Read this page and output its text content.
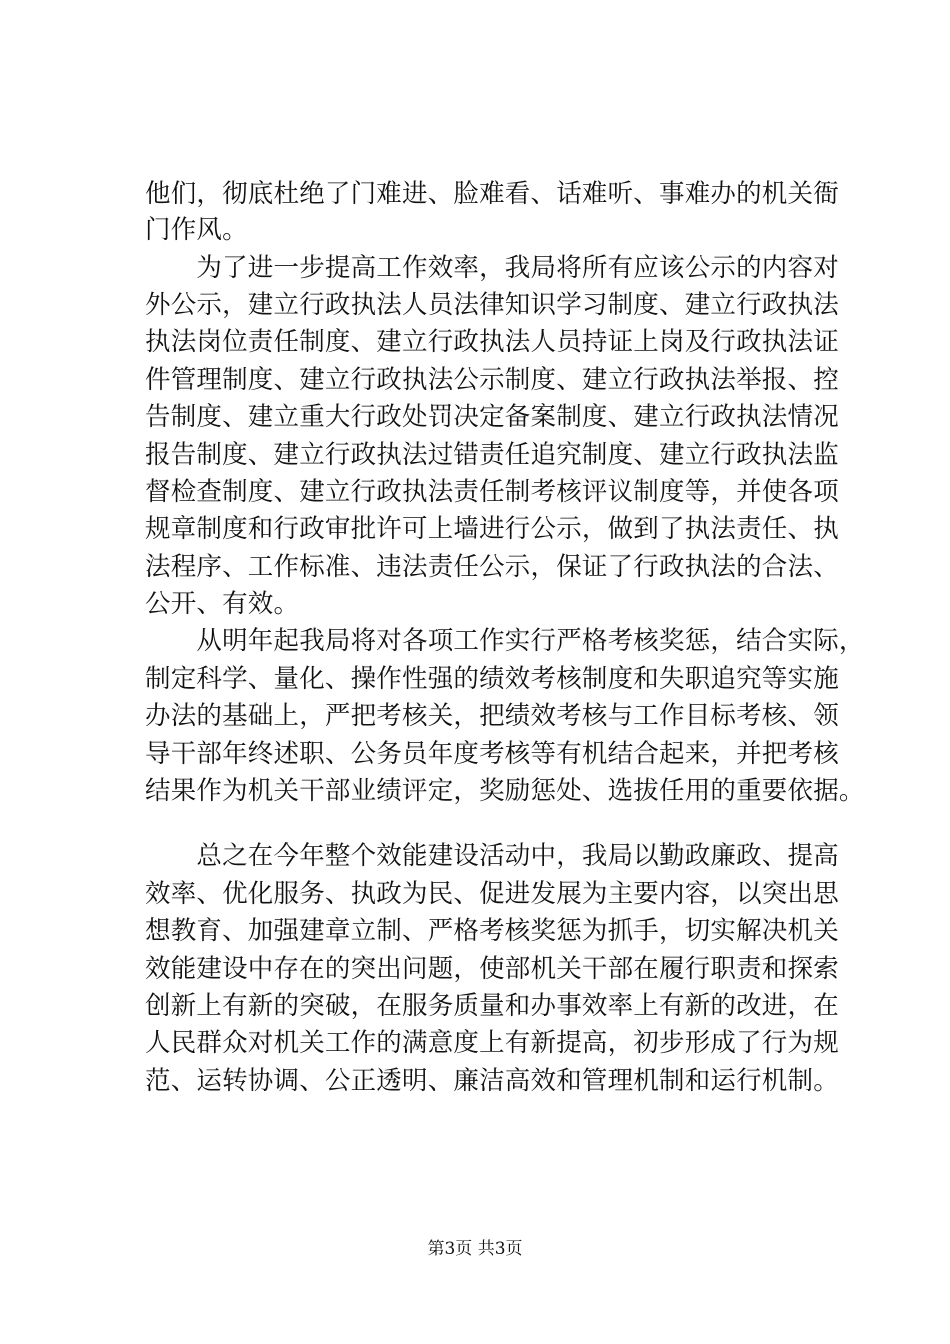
他们，彻底杜绝了门难进、脸难看、话难听、事难办的机关衙
门作风。
　　为了进一步提高工作效率，我局将所有应该公示的内容对
外公示，建立行政执法人员法律知识学习制度、建立行政执法
执法岗位责任制度、建立行政执法人员持证上岗及行政执法证
件管理制度、建立行政执法公示制度、建立行政执法举报、控
告制度、建立重大行政处罚决定备案制度、建立行政执法情况
报告制度、建立行政执法过错责任追究制度、建立行政执法监
督检查制度、建立行政执法责任制考核评议制度等，并使各项
规章制度和行政审批许可上墙进行公示，做到了执法责任、执
法程序、工作标准、违法责任公示，保证了行政执法的合法、
公开、有效。
　　从明年起我局将对各项工作实行严格考核奖惩，结合实际，
制定科学、量化、操作性强的绩效考核制度和失职追究等实施
办法的基础上，严把考核关，把绩效考核与工作目标考核、领
导干部年终述职、公务员年度考核等有机结合起来，并把考核
结果作为机关干部业绩评定，奖励惩处、选拔任用的重要依据。
　　总之在今年整个效能建设活动中，我局以勤政廉政、提高
效率、优化服务、执政为民、促进发展为主要内容，以突出思
想教育、加强建章立制、严格考核奖惩为抓手，切实解决机关
效能建设中存在的突出问题，使部机关干部在履行职责和探索
创新上有新的突破，在服务质量和办事效率上有新的改进，在
人民群众对机关工作的满意度上有新提高，初步形成了行为规
范、运转协调、公正透明、廉洁高效和管理机制和运行机制。
第3页 共3页
